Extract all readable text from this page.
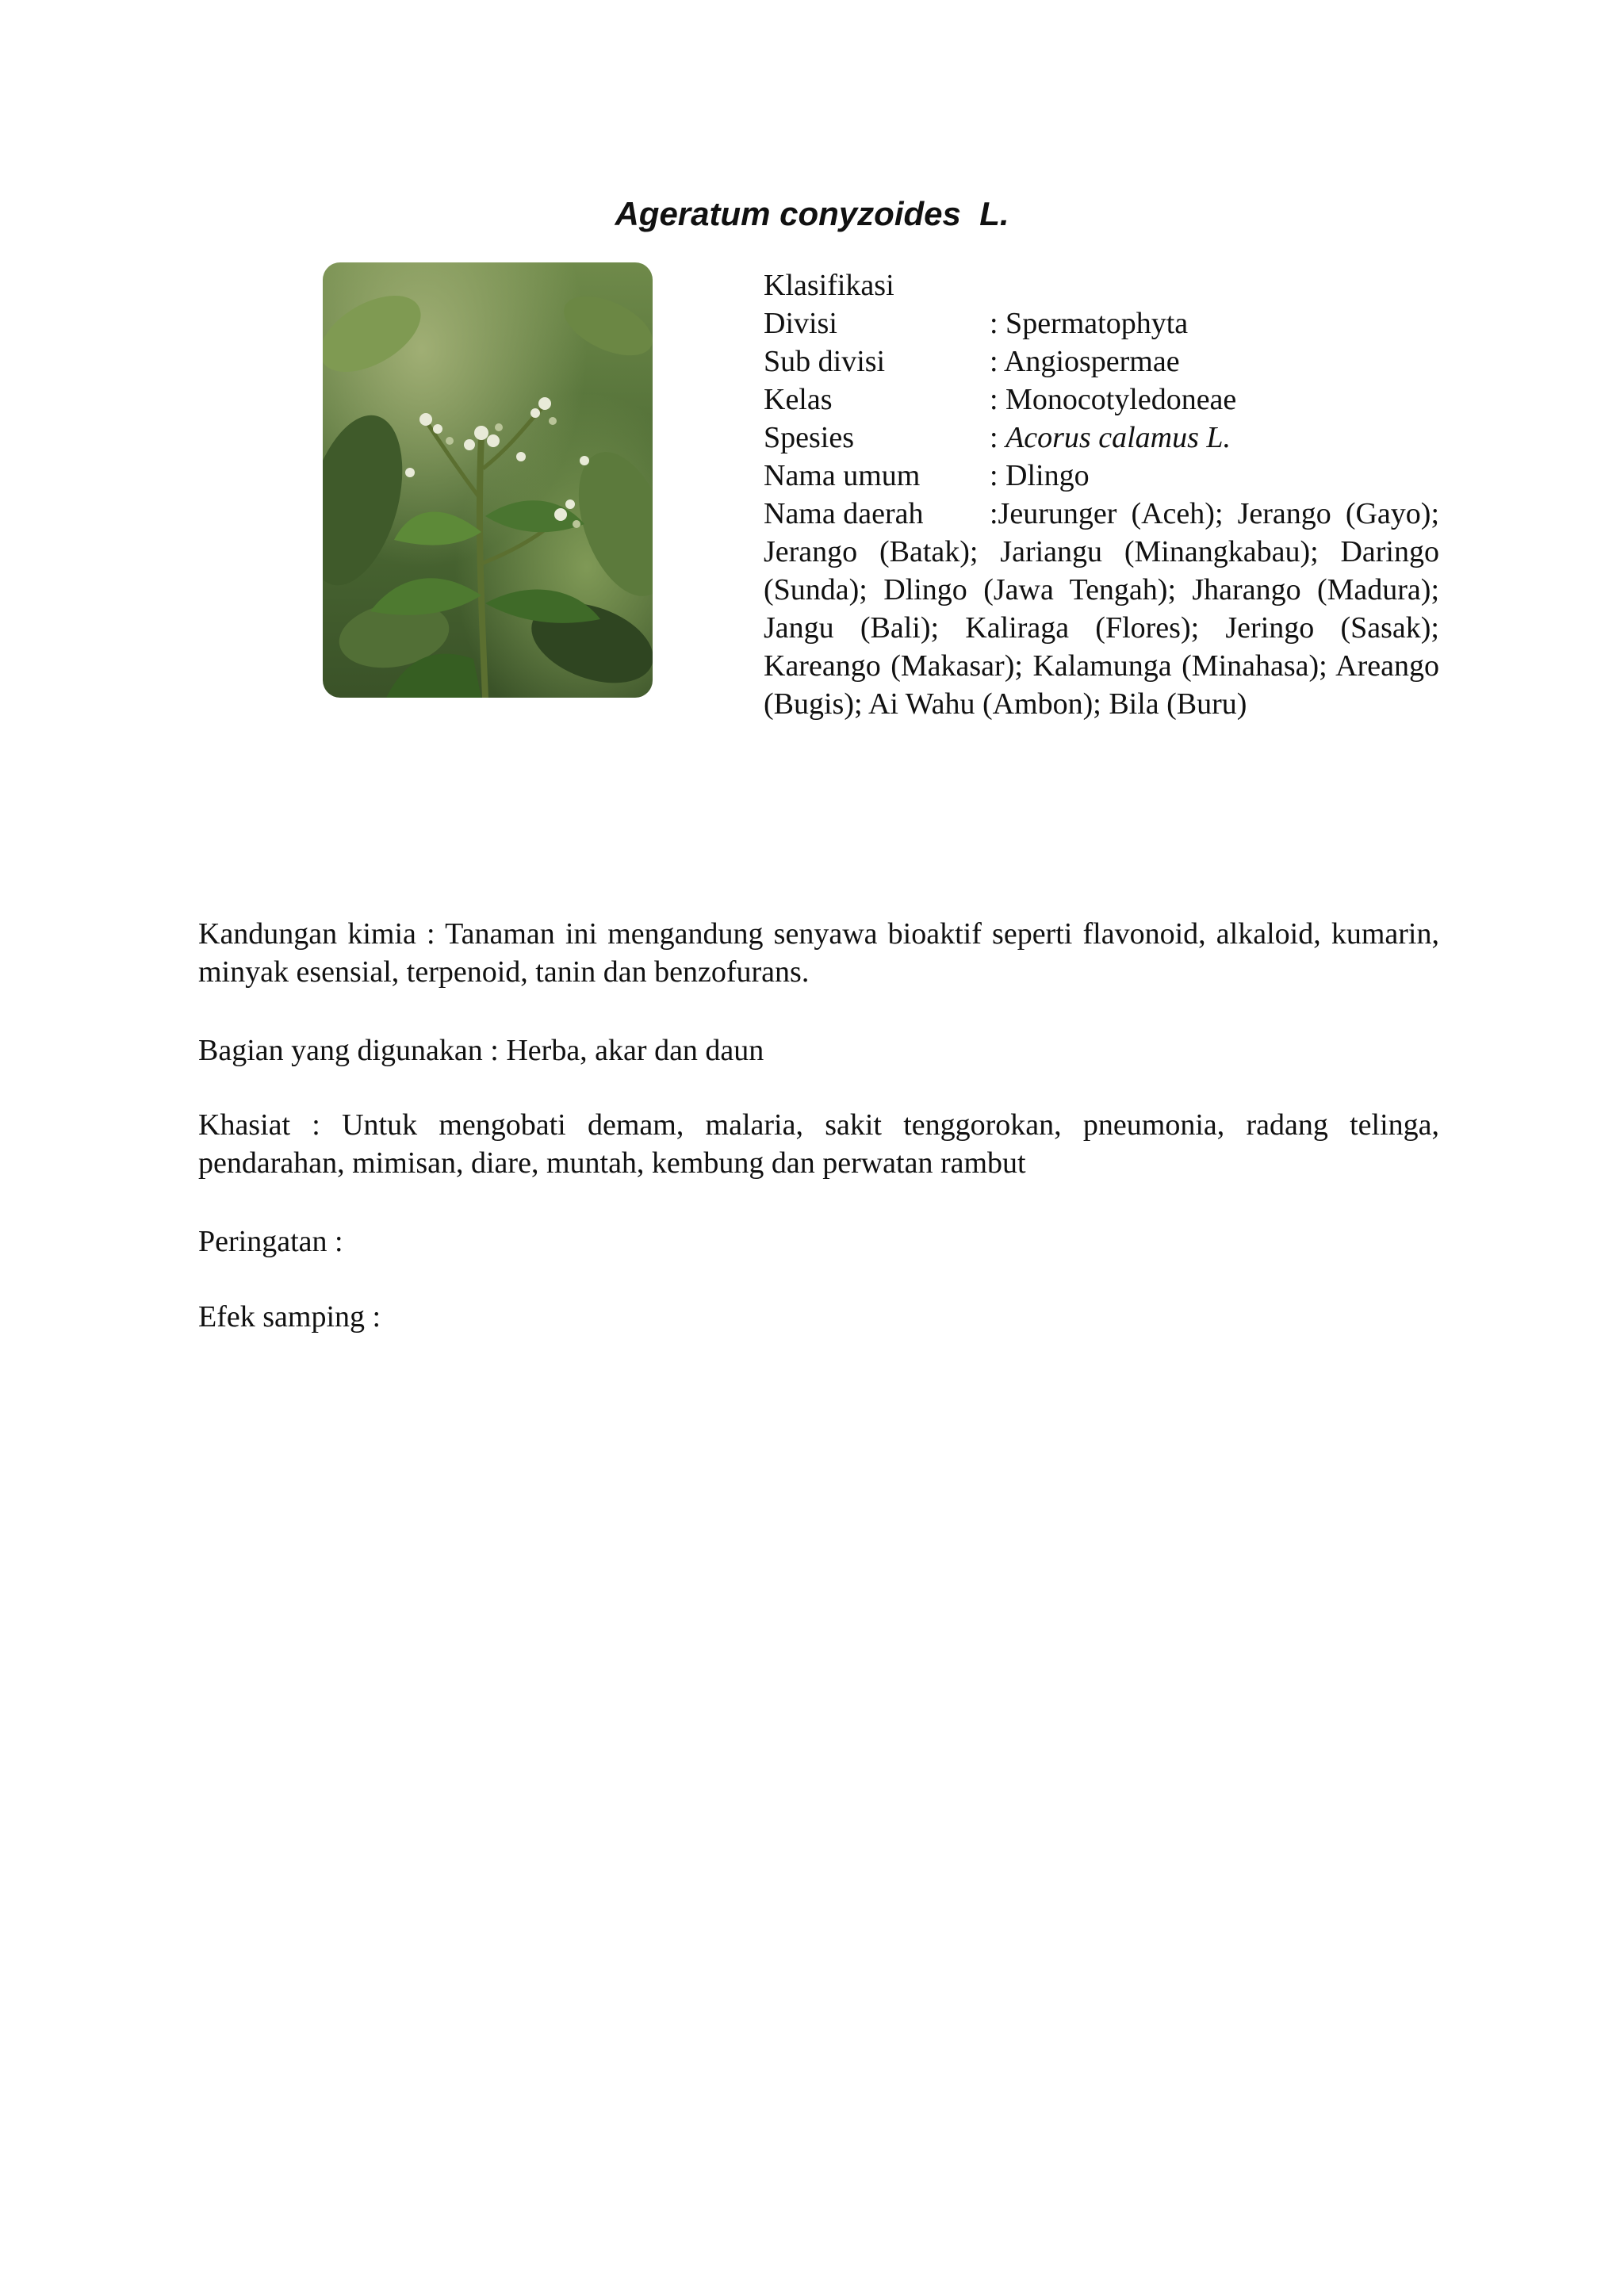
Ageratum conyzoides  L.
Klasifikasi
Divisi	: Spermatophyta
Sub divisi	: Angiospermae
Kelas	: Monocotyledoneae
Spesies	: Acorus calamus L.
Nama umum	: Dlingo
Nama daerah :Jeurunger (Aceh); Jerango (Gayo); Jerango (Batak); Jariangu (Minangkabau); Daringo (Sunda); Dlingo (Jawa Tengah); Jharango (Madura); Jangu (Bali); Kaliraga (Flores); Jeringo (Sasak); Kareango (Makasar); Kalamunga (Minahasa); Areango (Bugis); Ai Wahu (Ambon); Bila (Buru)
Kandungan kimia : Tanaman ini mengandung senyawa bioaktif seperti flavonoid, alkaloid, kumarin, minyak esensial, terpenoid, tanin dan benzofurans.
Bagian yang digunakan : Herba, akar dan daun
Khasiat : Untuk mengobati demam, malaria, sakit tenggorokan, pneumonia, radang telinga, pendarahan, mimisan, diare, muntah, kembung dan perwatan rambut
Peringatan :
Efek samping :
